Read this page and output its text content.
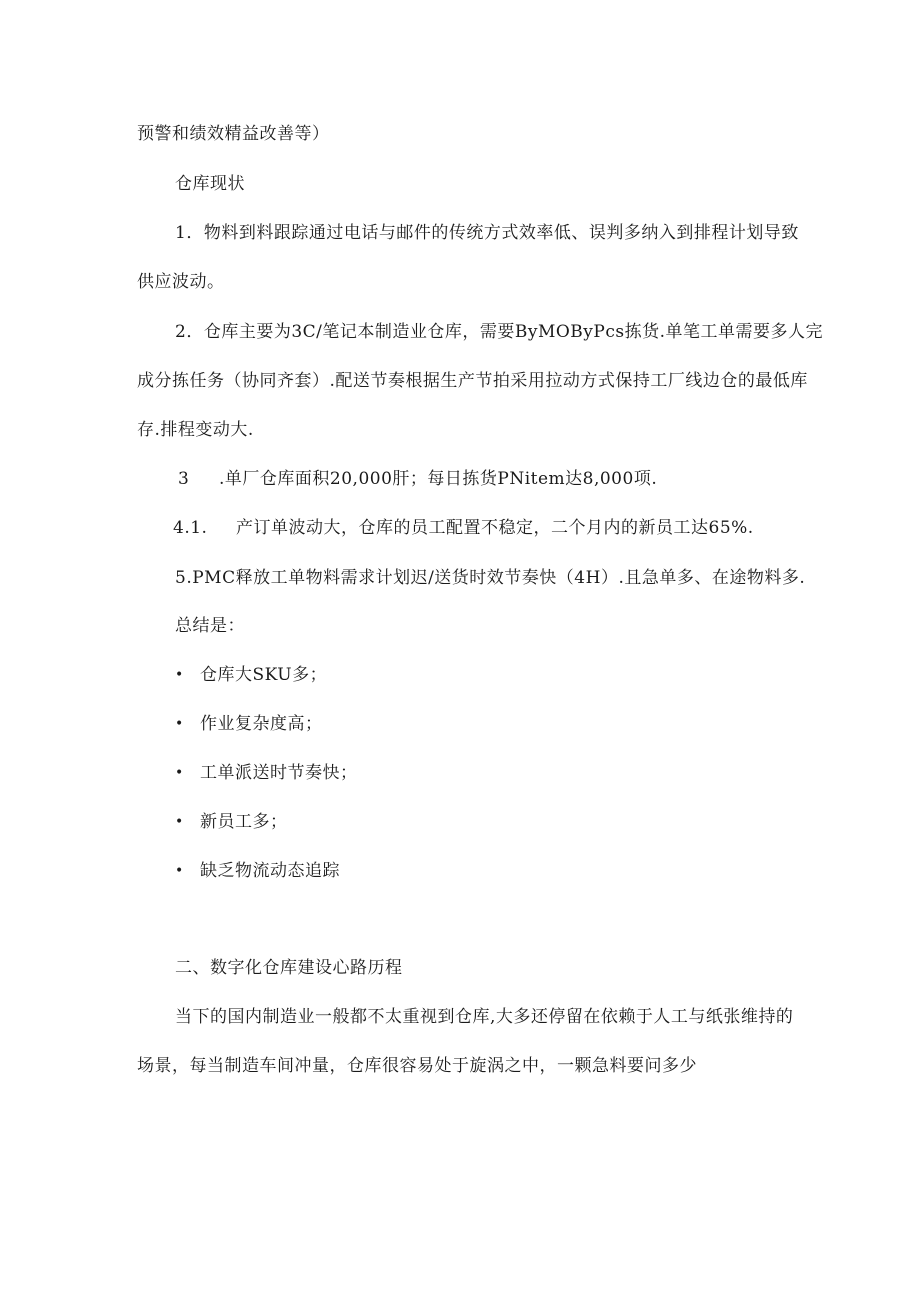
预警和绩效精益改善等）
仓库现状
1．物料到料跟踪通过电话与邮件的传统方式效率低、误判多纳入到排程计划导致
供应波动。
2．仓库主要为3C/笔记本制造业仓库，需要ByMOByPcs拣货.单笔工单需要多人完
成分拣任务（协同齐套）.配送节奏根据生产节拍采用拉动方式保持工厂线边仓的最低库
存.排程变动大.
3 .单厂仓库面积20,000肝；每日拣货PNitem达8,000项.
4.1. 产订单波动大，仓库的员工配置不稳定，二个月内的新员工达65%.
5.PMC释放工单物料需求计划迟/送货时效节奏快（4H）.且急单多、在途物料多.
总结是：
• 仓库大SKU多；
• 作业复杂度高；
• 工单派送时节奏快；
• 新员工多；
• 缺乏物流动态追踪
二、数字化仓库建设心路历程
当下的国内制造业一般都不太重视到仓库,大多还停留在依赖于人工与纸张维持的
场景，每当制造车间冲量，仓库很容易处于旋涡之中，一颗急料要问多少
